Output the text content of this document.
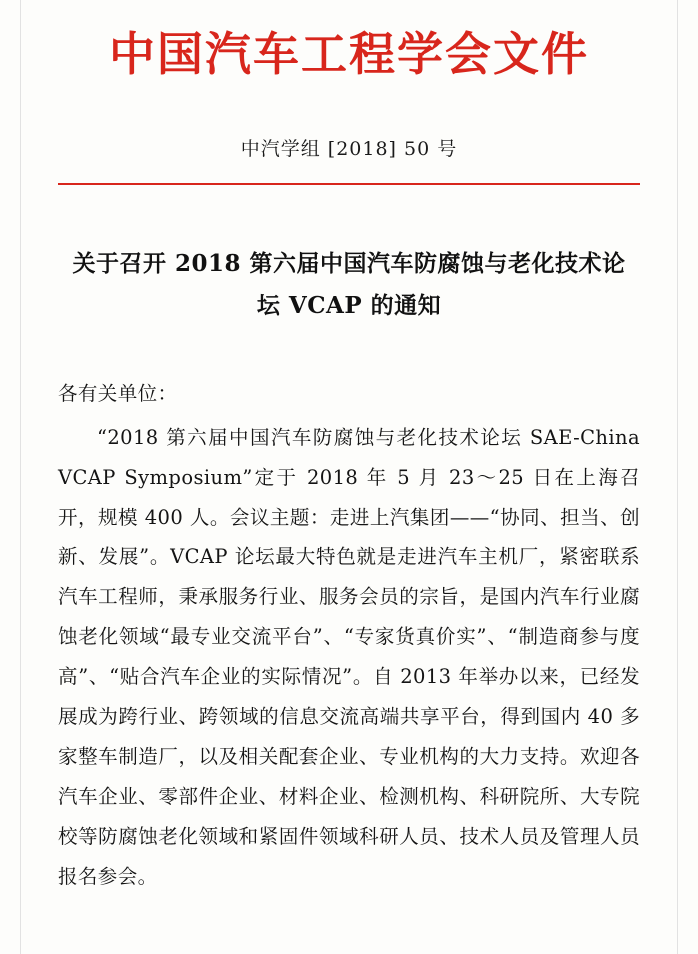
中国汽车工程学会文件
中汽学组 [2018] 50 号
关于召开 2018 第六届中国汽车防腐蚀与老化技术论
坛 VCAP 的通知

各有关单位：

“2018 第六届中国汽车防腐蚀与老化技术论坛 SAE-China VCAP Symposium”定于 2018 年 5 月 23～25 日在上海召开，规模 400 人。会议主题：走进上汽集团——“协同、担当、创新、发展”。VCAP 论坛最大特色就是走进汽车主机厂，紧密联系汽车工程师，秉承服务行业、服务会员的宗旨，是国内汽车行业腐蚀老化领域“最专业交流平台”、“专家货真价实”、“制造商参与度高”、“贴合汽车企业的实际情况”。自 2013 年举办以来，已经发展成为跨行业、跨领域的信息交流高端共享平台，得到国内 40 多家整车制造厂，以及相关配套企业、专业机构的大力支持。欢迎各汽车企业、零部件企业、材料企业、检测机构、科研院所、大专院校等防腐蚀老化领域和紧固件领域科研人员、技术人员及管理人员报名参会。
